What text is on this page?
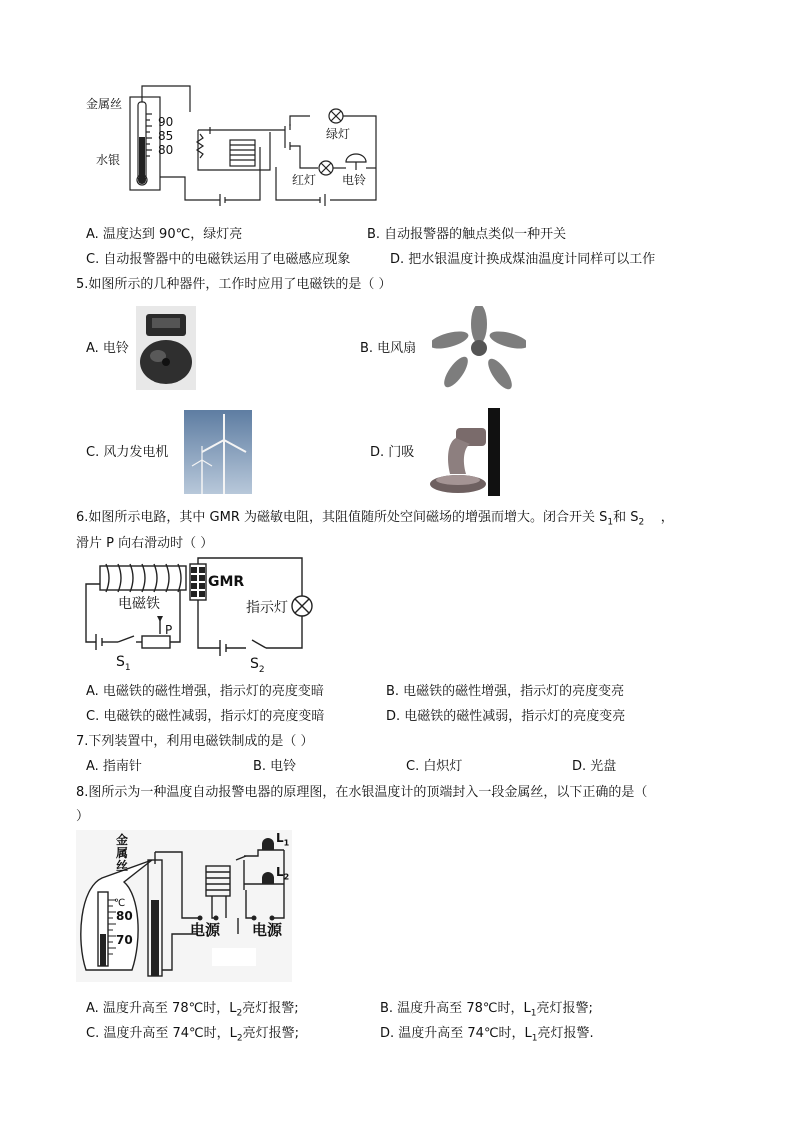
金属丝
水银
90
85
80
绿灯
红灯 电铃
A. 温度达到 90℃，绿灯亮	B. 自动报警器的触点类似一种开关
C. 自动报警器中的电磁铁运用了电磁感应现象	D. 把水银温度计换成煤油温度计同样可以工作
5.如图所示的几种器件，工作时应用了电磁铁的是（ ）
A. 电铃	B. 电风扇
C. 风力发电机	D. 门吸
6.如图所示电路，其中 GMR 为磁敏电阻，其阻值随所处空间磁场的增强而增大。闭合开关 $S_1$和 $S_2$    ，
滑片 P 向右滑动时（ ）
GMR
电磁铁	指示灯
P
$S_1$	$S_2$
A. 电磁铁的磁性增强，指示灯的亮度变暗	B. 电磁铁的磁性增强，指示灯的亮度变亮
C. 电磁铁的磁性减弱，指示灯的亮度变暗	D. 电磁铁的磁性减弱，指示灯的亮度变亮
7.下列装置中，利用电磁铁制成的是（ ）
A. 指南针	B. 电铃	C. 白炽灯	D. 光盘
8.图所示为一种温度自动报警电器的原理图，在水银温度计的顶端封入一段金属丝，以下正确的是（
）
金属丝
℃
80
70
电源 电源
$L_1$
$L_2$
A. 温度升高至 78℃时，$L_2$亮灯报警;	B. 温度升高至 78℃时，$L_1$亮灯报警;
C. 温度升高至 74℃时，$L_2$亮灯报警;	D. 温度升高至 74℃时，$L_1$亮灯报警.
